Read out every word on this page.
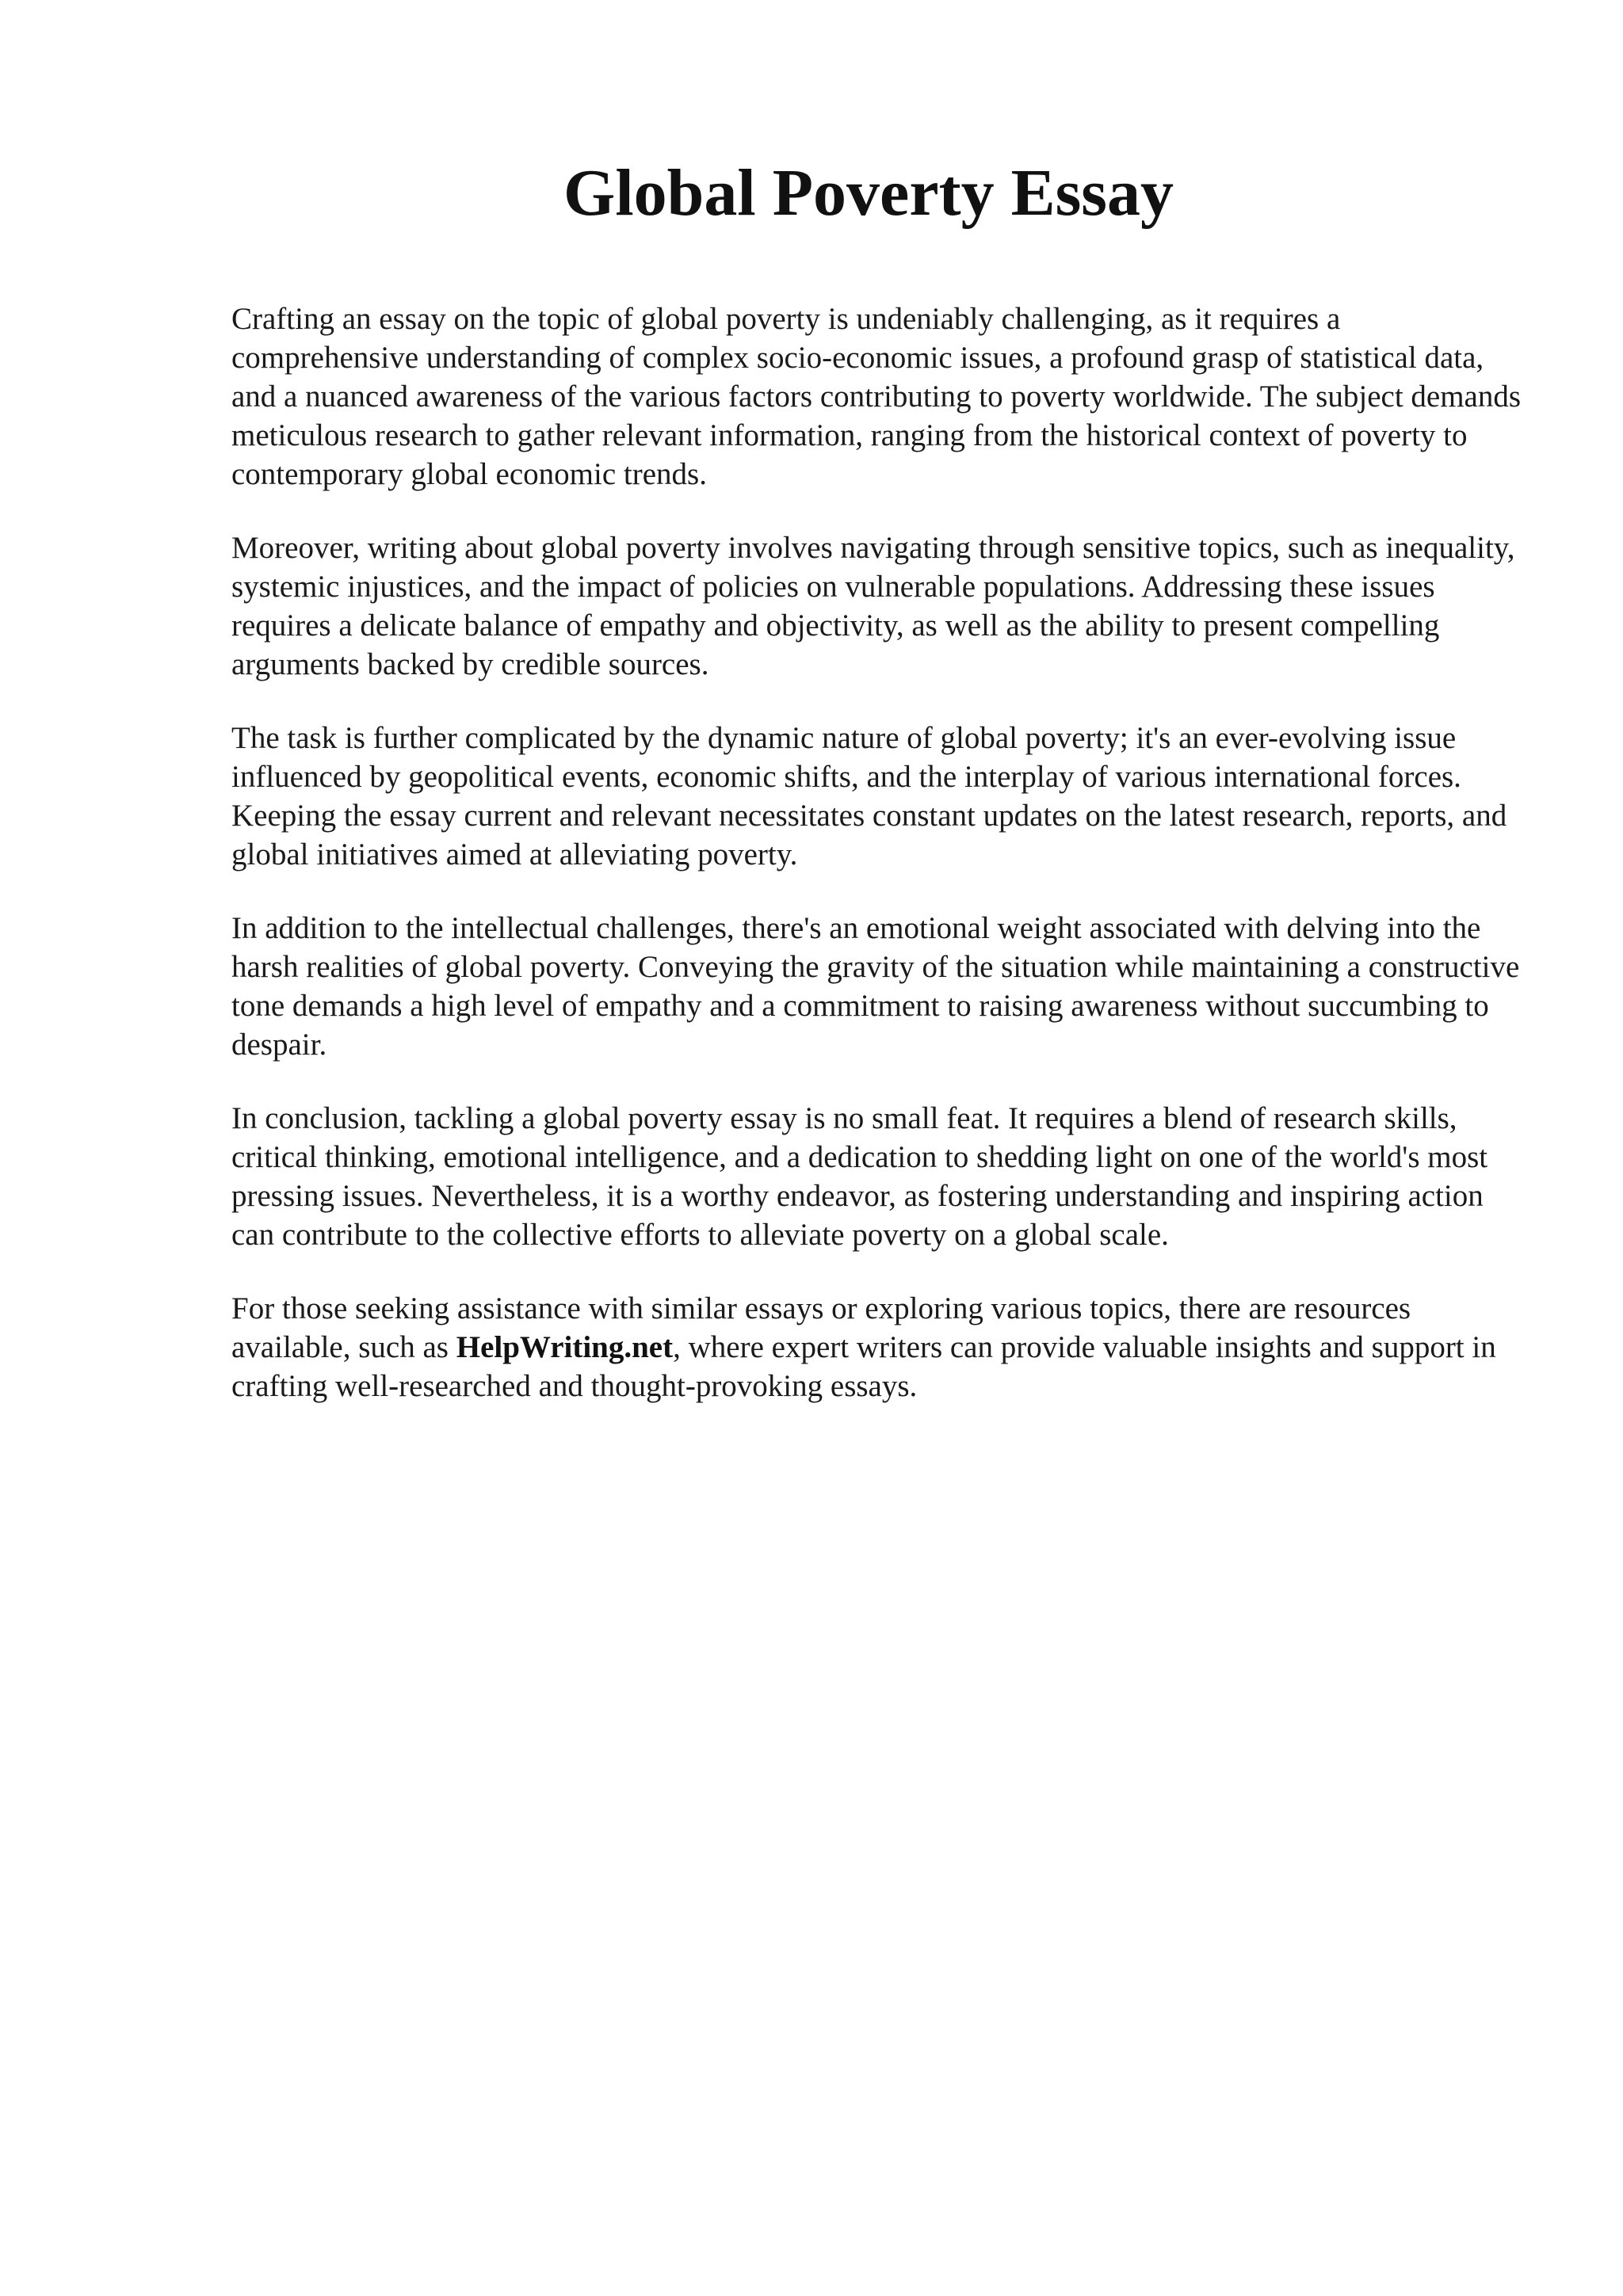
Global Poverty Essay

Crafting an essay on the topic of global poverty is undeniably challenging, as it requires a comprehensive understanding of complex socio-economic issues, a profound grasp of statistical data, and a nuanced awareness of the various factors contributing to poverty worldwide. The subject demands meticulous research to gather relevant information, ranging from the historical context of poverty to contemporary global economic trends.

Moreover, writing about global poverty involves navigating through sensitive topics, such as inequality, systemic injustices, and the impact of policies on vulnerable populations. Addressing these issues requires a delicate balance of empathy and objectivity, as well as the ability to present compelling arguments backed by credible sources.

The task is further complicated by the dynamic nature of global poverty; it's an ever-evolving issue influenced by geopolitical events, economic shifts, and the interplay of various international forces. Keeping the essay current and relevant necessitates constant updates on the latest research, reports, and global initiatives aimed at alleviating poverty.

In addition to the intellectual challenges, there's an emotional weight associated with delving into the harsh realities of global poverty. Conveying the gravity of the situation while maintaining a constructive tone demands a high level of empathy and a commitment to raising awareness without succumbing to despair.

In conclusion, tackling a global poverty essay is no small feat. It requires a blend of research skills, critical thinking, emotional intelligence, and a dedication to shedding light on one of the world's most pressing issues. Nevertheless, it is a worthy endeavor, as fostering understanding and inspiring action can contribute to the collective efforts to alleviate poverty on a global scale.

For those seeking assistance with similar essays or exploring various topics, there are resources available, such as HelpWriting.net, where expert writers can provide valuable insights and support in crafting well-researched and thought-provoking essays.
